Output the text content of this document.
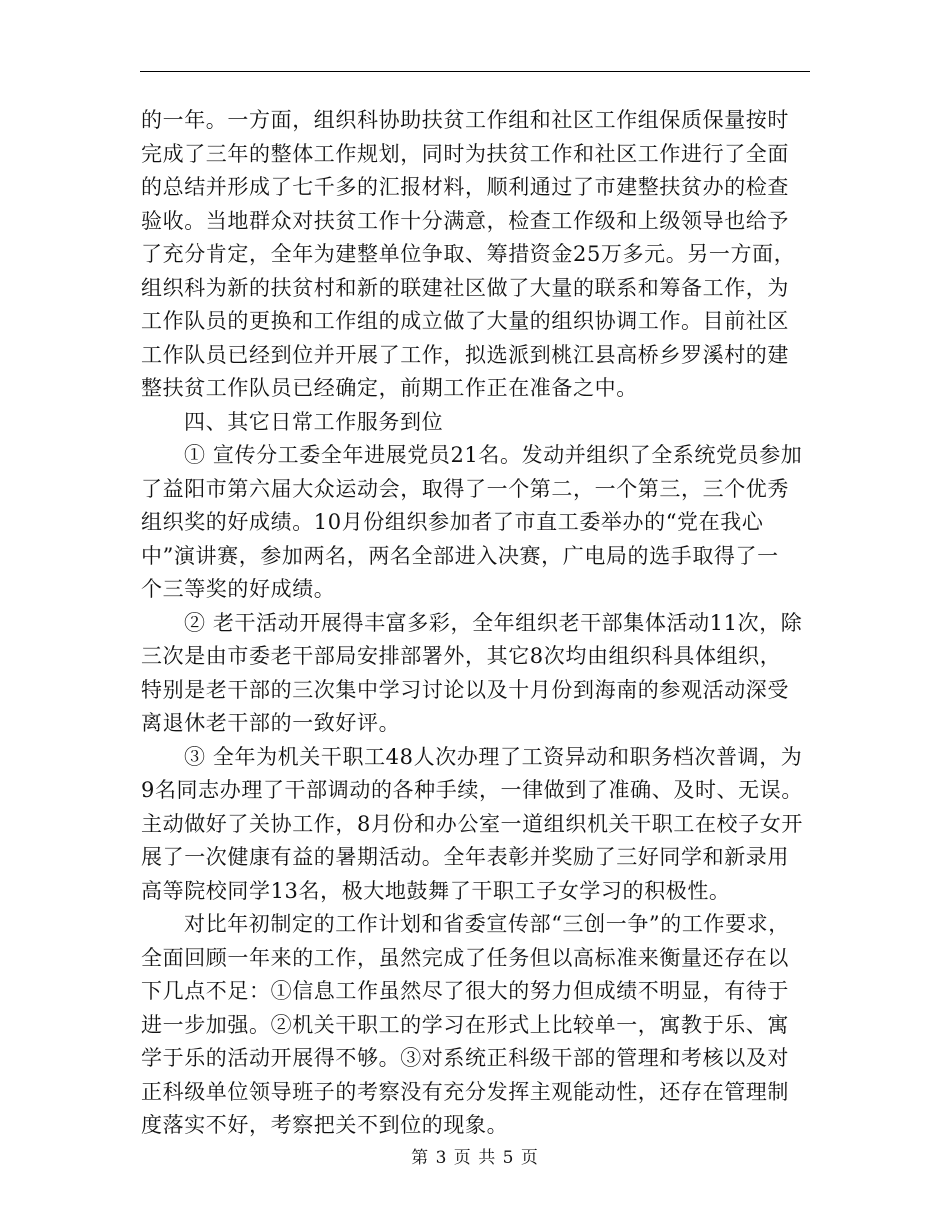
的一年。一方面，组织科协助扶贫工作组和社区工作组保质保量按时
完成了三年的整体工作规划，同时为扶贫工作和社区工作进行了全面
的总结并形成了七千多的汇报材料，顺利通过了市建整扶贫办的检查
验收。当地群众对扶贫工作十分满意，检查工作级和上级领导也给予
了充分肯定，全年为建整单位争取、筹措资金25万多元。另一方面，
组织科为新的扶贫村和新的联建社区做了大量的联系和筹备工作，为
工作队员的更换和工作组的成立做了大量的组织协调工作。目前社区
工作队员已经到位并开展了工作，拟选派到桃江县高桥乡罗溪村的建
整扶贫工作队员已经确定，前期工作正在准备之中。
四、其它日常工作服务到位
① 宣传分工委全年进展党员21名。发动并组织了全系统党员参加
了益阳市第六届大众运动会，取得了一个第二，一个第三，三个优秀
组织奖的好成绩。10月份组织参加者了市直工委举办的“党在我心
中”演讲赛，参加两名，两名全部进入决赛，广电局的选手取得了一
个三等奖的好成绩。
② 老干活动开展得丰富多彩，全年组织老干部集体活动11次，除
三次是由市委老干部局安排部署外，其它8次均由组织科具体组织，
特别是老干部的三次集中学习讨论以及十月份到海南的参观活动深受
离退休老干部的一致好评。
③ 全年为机关干职工48人次办理了工资异动和职务档次普调，为
9名同志办理了干部调动的各种手续，一律做到了准确、及时、无误。
主动做好了关协工作，8月份和办公室一道组织机关干职工在校子女开
展了一次健康有益的暑期活动。全年表彰并奖励了三好同学和新录用
高等院校同学13名，极大地鼓舞了干职工子女学习的积极性。
对比年初制定的工作计划和省委宣传部“三创一争”的工作要求，
全面回顾一年来的工作，虽然完成了任务但以高标准来衡量还存在以
下几点不足：①信息工作虽然尽了很大的努力但成绩不明显，有待于
进一步加强。②机关干职工的学习在形式上比较单一，寓教于乐、寓
学于乐的活动开展得不够。③对系统正科级干部的管理和考核以及对
正科级单位领导班子的考察没有充分发挥主观能动性，还存在管理制
度落实不好，考察把关不到位的现象。
第 3 页 共 5 页
